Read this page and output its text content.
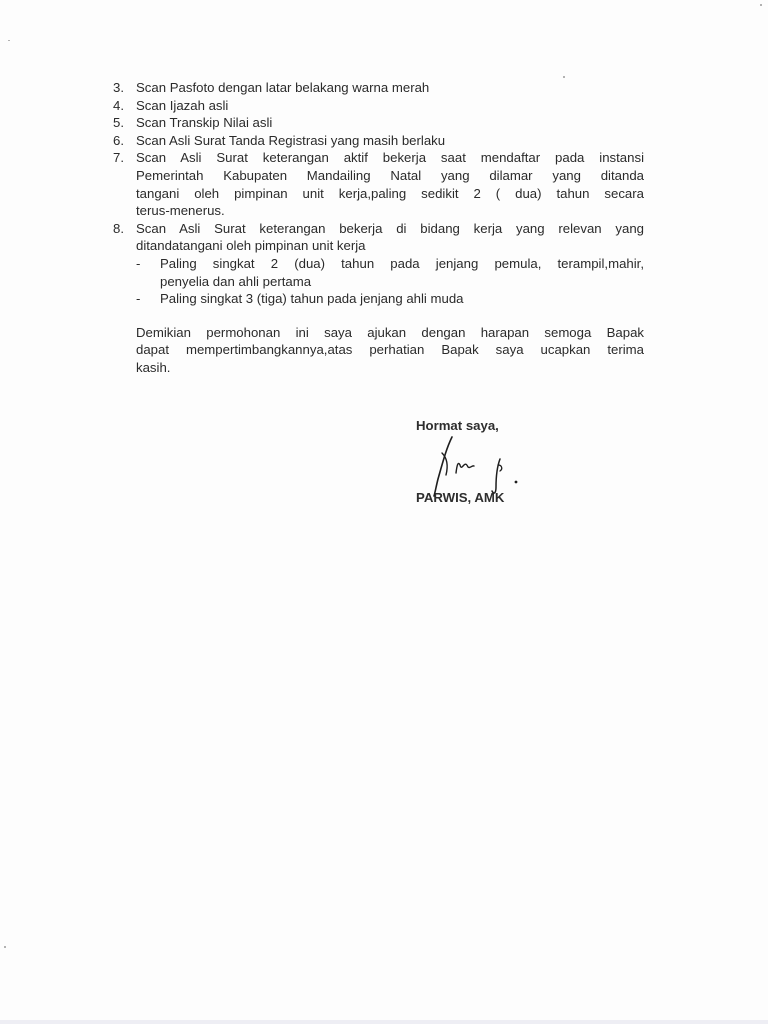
3. Scan Pasfoto dengan latar belakang warna merah
4. Scan Ijazah asli
5. Scan Transkip Nilai asli
6. Scan Asli Surat Tanda Registrasi yang masih berlaku
7. Scan Asli Surat keterangan aktif bekerja saat mendaftar pada instansi
Pemerintah Kabupaten Mandailing Natal yang dilamar yang ditanda
tangani oleh pimpinan unit kerja,paling sedikit 2 ( dua) tahun secara
terus-menerus.
8. Scan Asli Surat keterangan bekerja di bidang kerja yang relevan yang
ditandatangani oleh pimpinan unit kerja
- Paling singkat 2 (dua) tahun pada jenjang pemula, terampil,mahir,
penyelia dan ahli pertama
- Paling singkat 3 (tiga) tahun pada jenjang ahli muda
Demikian permohonan ini saya ajukan dengan harapan semoga Bapak
dapat mempertimbangkannya,atas perhatian Bapak saya ucapkan terima
kasih.
Hormat saya,
PARWIS, AMK
